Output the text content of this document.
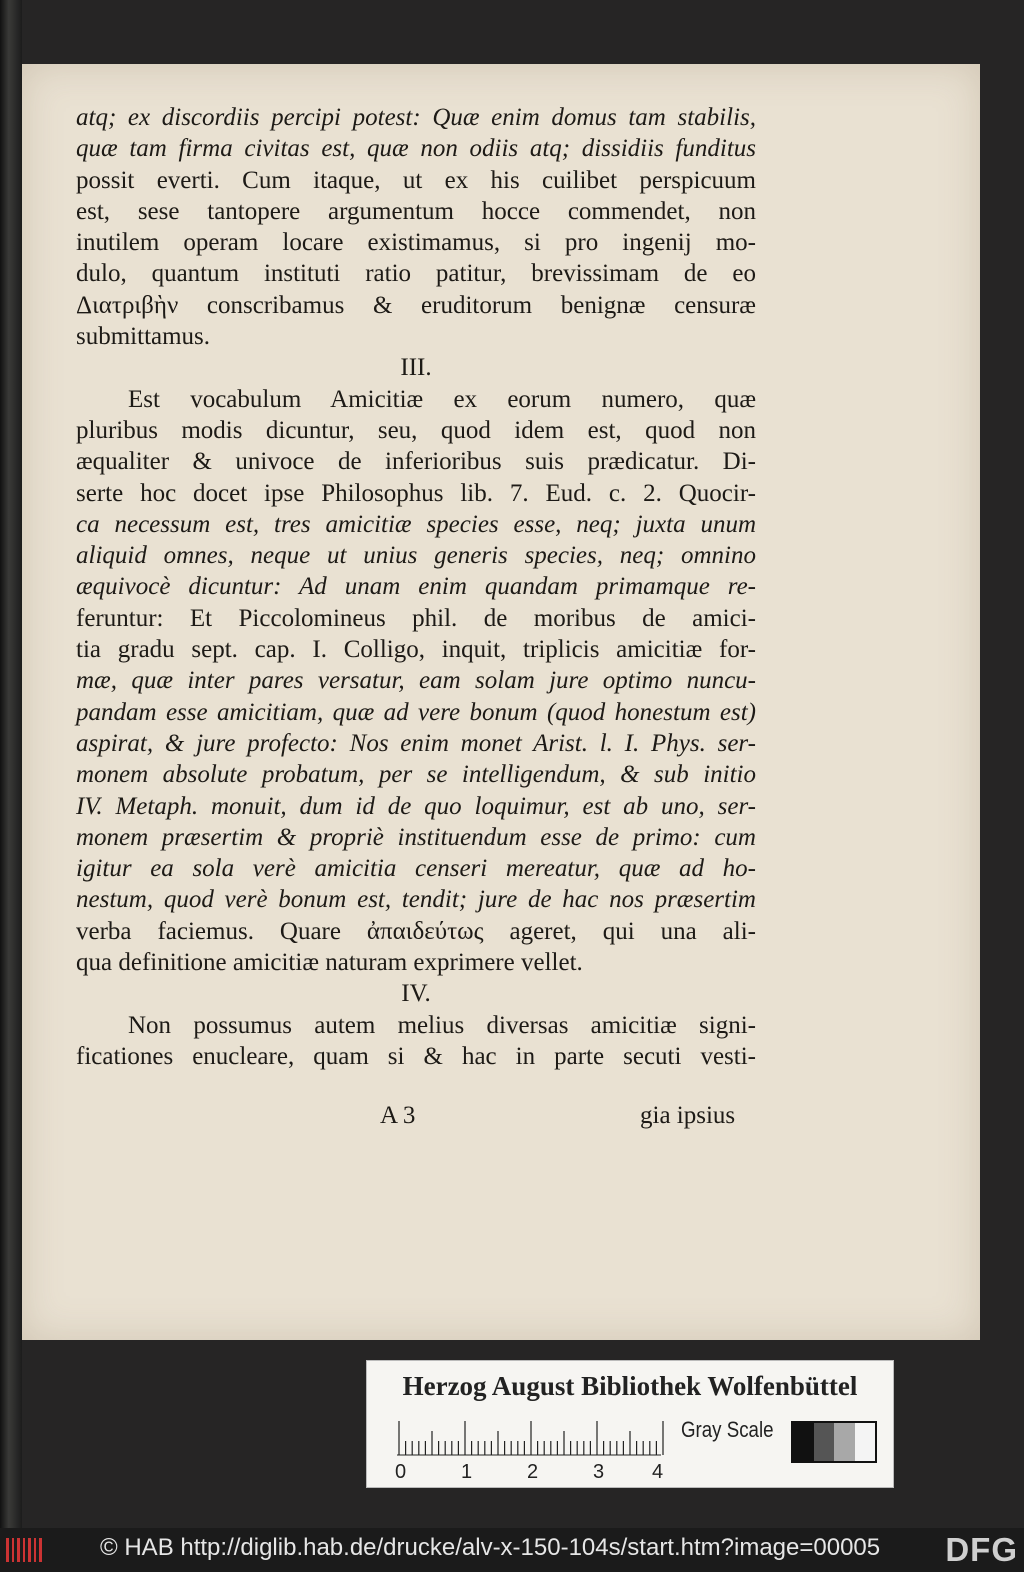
atq; ex discordiis percipi potest: Quæ enim domus tam stabilis,
quæ tam firma civitas est, quæ non odiis atq; dissidiis funditus
possit everti. Cum itaque, ut ex his cuilibet perspicuum
est, sese tantopere argumentum hocce commendet, non
inutilem operam locare existimamus, si pro ingenij mo-
dulo, quantum instituti ratio patitur, brevissimam de eo
Διατριβὴν conscribamus & eruditorum benignæ censuræ
submittamus.
III.
Est vocabulum Amicitiæ ex eorum numero, quæ
pluribus modis dicuntur, seu, quod idem est, quod non
æqualiter & univoce de inferioribus suis prædicatur. Di-
serte hoc docet ipse Philosophus lib. 7. Eud. c. 2. Quocir-
ca necessum est, tres amicitiæ species esse, neq; juxta unum
aliquid omnes, neque ut unius generis species, neq; omnino
æquivocè dicuntur: Ad unam enim quandam primamque re-
feruntur: Et Piccolomineus phil. de moribus de amici-
tia gradu sept. cap. I. Colligo, inquit, triplicis amicitiæ for-
mæ, quæ inter pares versatur, eam solam jure optimo nuncu-
pandam esse amicitiam, quæ ad vere bonum (quod honestum est)
aspirat, & jure profecto: Nos enim monet Arist. l. I. Phys. ser-
monem absolute probatum, per se intelligendum, & sub initio
IV. Metaph. monuit, dum id de quo loquimur, est ab uno, ser-
monem præsertim & propriè instituendum esse de primo: cum
igitur ea sola verè amicitia censeri mereatur, quæ ad ho-
nestum, quod verè bonum est, tendit; jure de hac nos præsertim
verba faciemus. Quare ἀπαιδεύτως ageret, qui una ali-
qua definitione amicitiæ naturam exprimere vellet.
IV.
Non possumus autem melius diversas amicitiæ signi-
ficationes enucleare, quam si & hac in parte secuti vesti-
A 3	gia ipsius
Herzog August Bibliothek Wolfenbüttel
0	1	2	3 4
Gray Scale
© HAB http://diglib.hab.de/drucke/alv-x-150-104s/start.htm?image=00005 DFG
